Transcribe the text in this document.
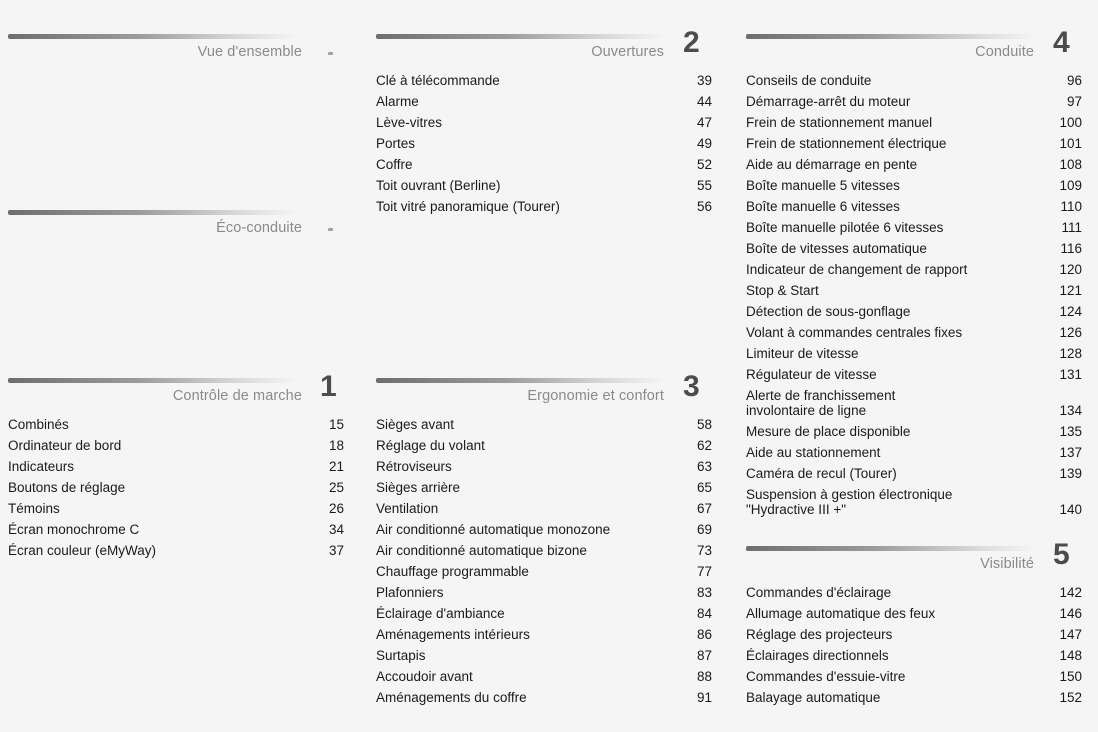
Vue d'ensemble
Éco-conduite
Contrôle de marche 1
Combinés	15
Ordinateur de bord	18
Indicateurs	21
Boutons de réglage	25
Témoins	26
Écran monochrome C	34
Écran couleur (eMyWay)	37
Ouvertures 2
Clé à télécommande	39
Alarme	44
Lève-vitres	47
Portes	49
Coffre	52
Toit ouvrant (Berline)	55
Toit vitré panoramique (Tourer)	56
Ergonomie et confort 3
Sièges avant	58
Réglage du volant	62
Rétroviseurs	63
Sièges arrière	65
Ventilation	67
Air conditionné automatique monozone	69
Air conditionné automatique bizone	73
Chauffage programmable	77
Plafonniers	83
Éclairage d'ambiance	84
Aménagements intérieurs	86
Surtapis	87
Accoudoir avant	88
Aménagements du coffre	91
Conduite 4
Conseils de conduite	96
Démarrage-arrêt du moteur	97
Frein de stationnement manuel	100
Frein de stationnement électrique	101
Aide au démarrage en pente	108
Boîte manuelle 5 vitesses	109
Boîte manuelle 6 vitesses	110
Boîte manuelle pilotée 6 vitesses	111
Boîte de vitesses automatique	116
Indicateur de changement de rapport	120
Stop & Start	121
Détection de sous-gonflage	124
Volant à commandes centrales fixes	126
Limiteur de vitesse	128
Régulateur de vitesse	131
Alerte de franchissement
involontaire de ligne	134
Mesure de place disponible	135
Aide au stationnement	137
Caméra de recul (Tourer)	139
Suspension à gestion électronique
"Hydractive III +"	140
Visibilité 5
Commandes d'éclairage	142
Allumage automatique des feux	146
Réglage des projecteurs	147
Éclairages directionnels	148
Commandes d'essuie-vitre	150
Balayage automatique	152
